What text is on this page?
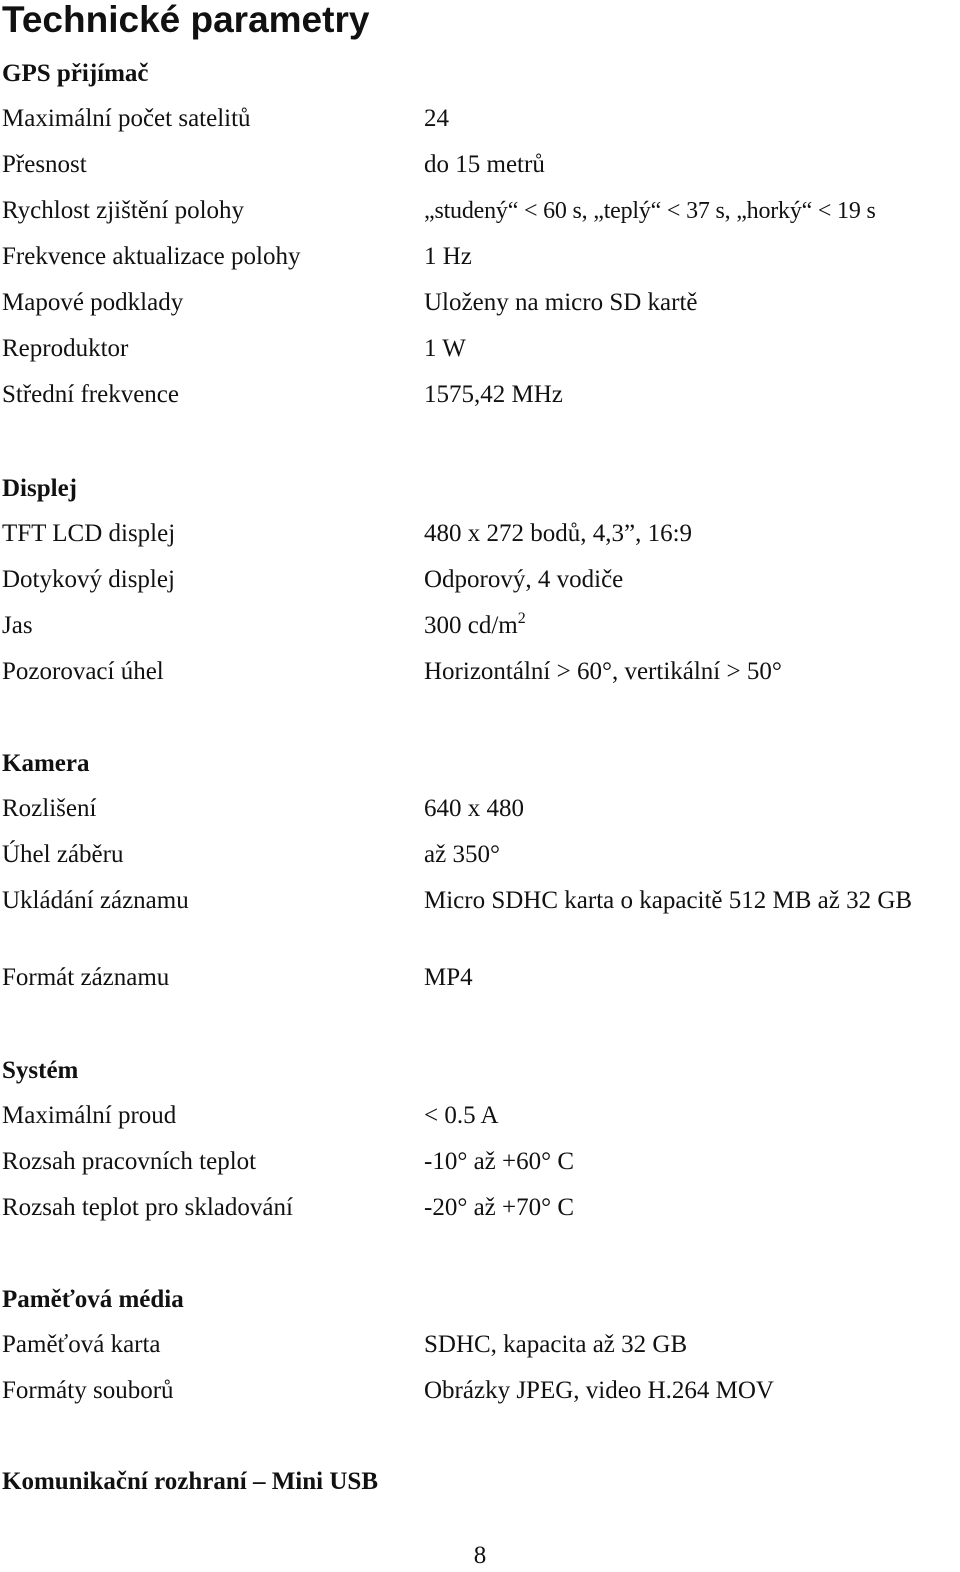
Technické parametry
GPS přijímač
Maximální počet satelitů	24
Přesnost	do 15 metrů
Rychlost zjištění polohy	„studený“ < 60 s, „teplý“ < 37 s, „horký“ < 19 s
Frekvence aktualizace polohy	1 Hz
Mapové podklady	Uloženy na micro SD kartě
Reproduktor	1 W
Střední frekvence	1575,42 MHz
Displej
TFT LCD displej	480 x 272 bodů, 4,3”, 16:9
Dotykový displej	Odporový, 4 vodiče
Jas	300 $cd/m^2$
Pozorovací úhel	Horizontální > 60°, vertikální > 50°
Kamera
Rozlišení	640 x 480
Úhel záběru	až 350°
Ukládání záznamu	Micro SDHC karta o kapacitě 512 MB až 32 GB
Formát záznamu	MP4
Systém
Maximální proud	< 0.5 A
Rozsah pracovních teplot	-10° až +60° C
Rozsah teplot pro skladování	-20° až +70° C
Paměťová média
Paměťová karta	SDHC, kapacita až 32 GB
Formáty souborů	Obrázky JPEG, video H.264 MOV
Komunikační rozhraní – Mini USB
8
